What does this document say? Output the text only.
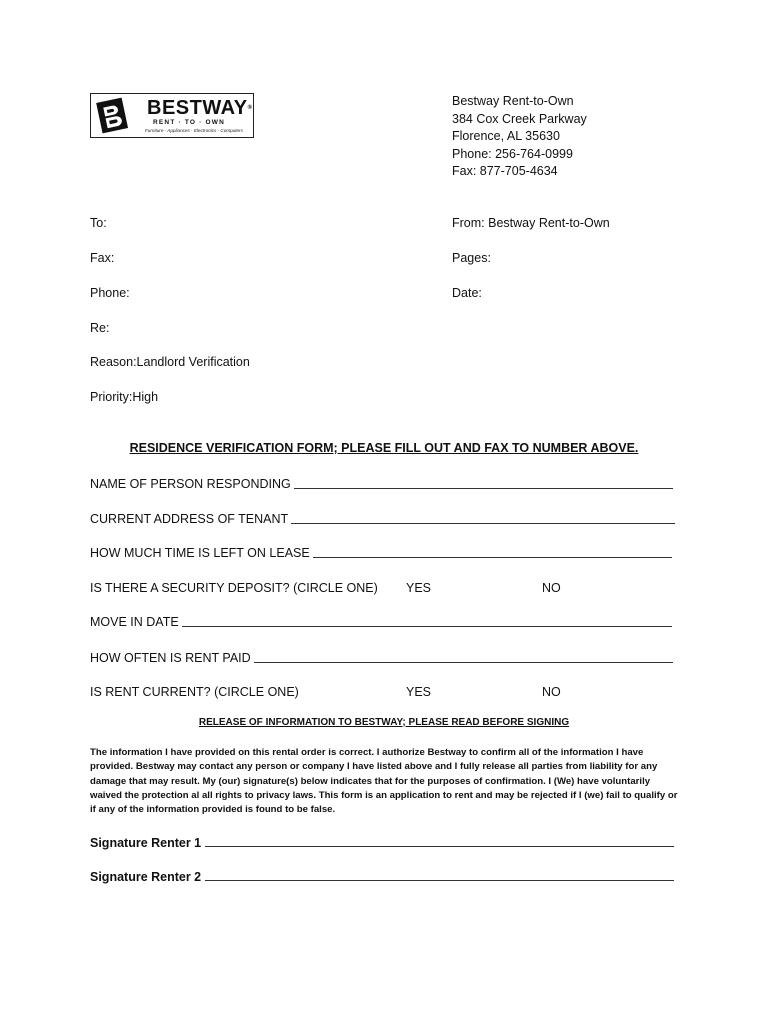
BESTWAY®
RENT · TO · OWN
Furniture · Appliances · Electronics · Computers
Bestway Rent-to-Own
384 Cox Creek Parkway
Florence, AL 35630
Phone: 256-764-0999
Fax: 877-705-4634
To:
Fax:
Phone:
Re:
Reason:Landlord Verification
Priority:High
From: Bestway Rent-to-Own
Pages:
Date:
RESIDENCE VERIFICATION FORM; PLEASE FILL OUT AND FAX TO NUMBER ABOVE.
NAME OF PERSON RESPONDING
CURRENT ADDRESS OF TENANT
HOW MUCH TIME IS LEFT ON LEASE
IS THERE A SECURITY DEPOSIT? (CIRCLE ONE) YES	NO
MOVE IN DATE
HOW OFTEN IS RENT PAID
IS RENT CURRENT? (CIRCLE ONE)	YES	NO
RELEASE OF INFORMATION TO BESTWAY; PLEASE READ BEFORE SIGNING
The information I have provided on this rental order is correct. I authorize Bestway to confirm all of the information I have provided. Bestway may contact any person or company I have listed above and I fully release all parties from liability for any damage that may result. My (our) signature(s) below indicates that for the purposes of confirmation. I (We) have voluntarily waived the protection al all rights to privacy laws. This form is an application to rent and may be rejected if I (we) fail to qualify or if any of the information provided is found to be false.
Signature Renter 1
Signature Renter 2
